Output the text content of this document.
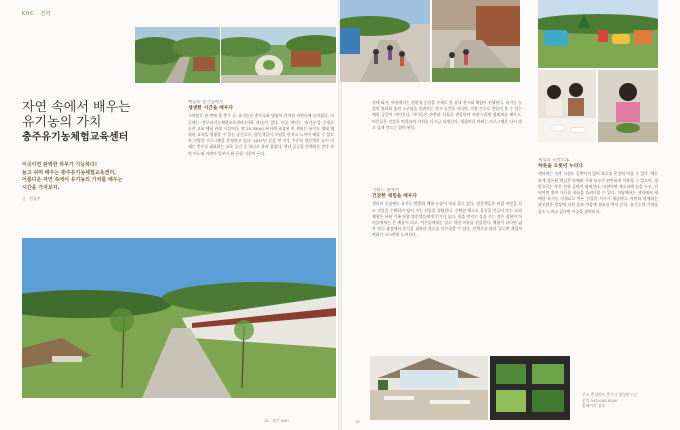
KHC · 견학
자연 속에서 배우는
유기농의 가치
충주유기농체험교육센터
이곳이면 완벽한 하루가 가능하다!
놀고 쉬며 배우는 충주유기농체험교육센터,
아름다운 자연 속에서 유기농의 가치를 배우는
시간을 가져보자.
글 · 편집부
배움의 즐거움에서
생생한 시간을 배우다

그야말로 한 번에 볼 충주 곳, 유기농은 충주호와 맞닿아 한적한 자연속에 들어섰다. 이곳에는 '충주유기농체험교육센터'(이하 센터)가 있다. 이곳 센터는 '유기농'을 주제로 농촌 교육·체험 관광 시설이다. 약 25,350㎡ 부지에 조성된 이 센터는 유기농 생태 체험과 교육을 병행할 수 있는 공간으로, 방문객들이 자연을 만지고 느끼며 배울 수 있도록 다양한 프로그램을 운영하고 있다. 2017년 문을 연 이후 꾸준히 방문객이 늘어 이제는 충주를 대표하는 교육 공간 중 하나로 자리 잡았다. 센터 곳곳을 산책하듯 걷다 보면 어느새 자연의 일부가 된 듯한 기분이 든다.

34 월간 KHC

등에 와서, 여유에서는 친환경 농업을 주제로 한 실내 전시와 체험이 진행된다. 유기농 농업의 원리와 흙의 소중함을 알려주는 전시 공간을 지나면, 직접 손으로 만들어 볼 수 있는 체험 공간이 이어진다. 아이들은 곤충과 식물을 관찰하며 자연스럽게 생태계를 배우고, 어른들은 건강한 먹거리의 가치를 다시금 되새긴다. 계절마다 바뀌는 프로그램은 다시 찾고 싶게 만드는 힘이 된다.

키워드 셋에서
건강한 체험을 배우다

센터의 중심에는 유기농 텃밭과 체험 농장이 자리 잡고 있다. 방문객들은 직접 씨앗을 심고 작물을 수확하며 땅이 주는 선물을 경험한다. 수확한 채소로 음식을 만들어 보는 요리 체험은 특히 가족 단위 방문객들에게 인기가 높다. 흙을 만지고 물을 주는 작은 경험이 아이들에게는 큰 배움이 되고, 어른들에게는 잊고 지낸 여유를 선물한다. 체험이 끝나면 넓은 잔디 광장에서 휴식을 취하며 하루를 마무리할 수 있다. 산책로를 따라 걸으면 계절의 변화가 고스란히 느껴진다.

체험과 숙박으로
하룻을 오롯이 누리다

센터에는 숙박 시설도 갖추어져 있어 하루를 온전히 머물 수 있다. 깨끗하게 정돈된 객실은 단체와 가족 모두가 편안하게 이용할 수 있으며, 창밖으로는 푸른 산과 들판이 펼쳐진다. 아침이면 새소리에 눈을 뜨고, 저녁이면 별이 가득한 하늘을 올려다볼 수 있다. 식당에서는 센터에서 재배한 유기농 식재료로 만든 건강한 식사가 제공된다. 자연과 함께하는 하룻밤은 일상에 지친 몸과 마음에 쉼표를 찍어 준다. 유기농의 가치를 몸소 느끼고 싶다면 이곳을 찾아보자.

주소 충청북도 충주시 앙성면 ○○
문의 043-000-0000
홈페이지 참조
35
